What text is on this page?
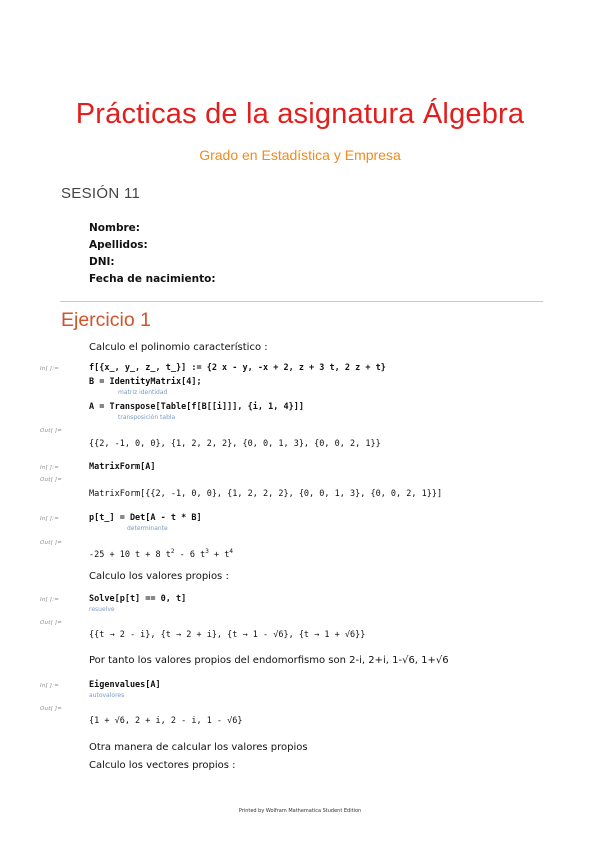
Prácticas de la asignatura Álgebra
Grado en Estadística y Empresa
SESIÓN 11
Nombre:
Apellidos:
DNI:
Fecha de nacimiento:
Ejercicio 1
Calculo el polinomio característico :
In[ ]:=	f[{x_, y_, z_, t_}] := {2 x - y, -x + 2, z + 3 t, 2 z + t}
B = IdentityMatrix[4];
matriz identidad
A = Transpose[Table[f[B[[i]]], {i, 1, 4}]]
transposición tabla
Out[ ]=
{{2, -1, 0, 0}, {1, 2, 2, 2}, {0, 0, 1, 3}, {0, 0, 2, 1}}
In[ ]:=	MatrixForm[A]
Out[ ]=
MatrixForm[{{2, -1, 0, 0}, {1, 2, 2, 2}, {0, 0, 1, 3}, {0, 0, 2, 1}}]
In[ ]:=	p[t_] = Det[A - t * B]
determinante
Out[ ]=
-25 + 10 t + 8 $t^2 - 6$ $t^3 + t^4$
Calculo los valores propios :
In[ ]:=	Solve[p[t] == 0, t]
resuelve
Out[ ]=
{{t → 2 - i}, {t → 2 + i}, {t → 1 - √6}, {t → 1 + √6}}
Por tanto los valores propios del endomorfismo son 2-i, 2+i, 1-√6, 1+√6
In[ ]:=	Eigenvalues[A]
autovalores
Out[ ]=
{1 + √6, 2 + i, 2 - i, 1 - √6}
Otra manera de calcular los valores propios
Calculo los vectores propios :
Printed by Wolfram Mathematica Student Edition
